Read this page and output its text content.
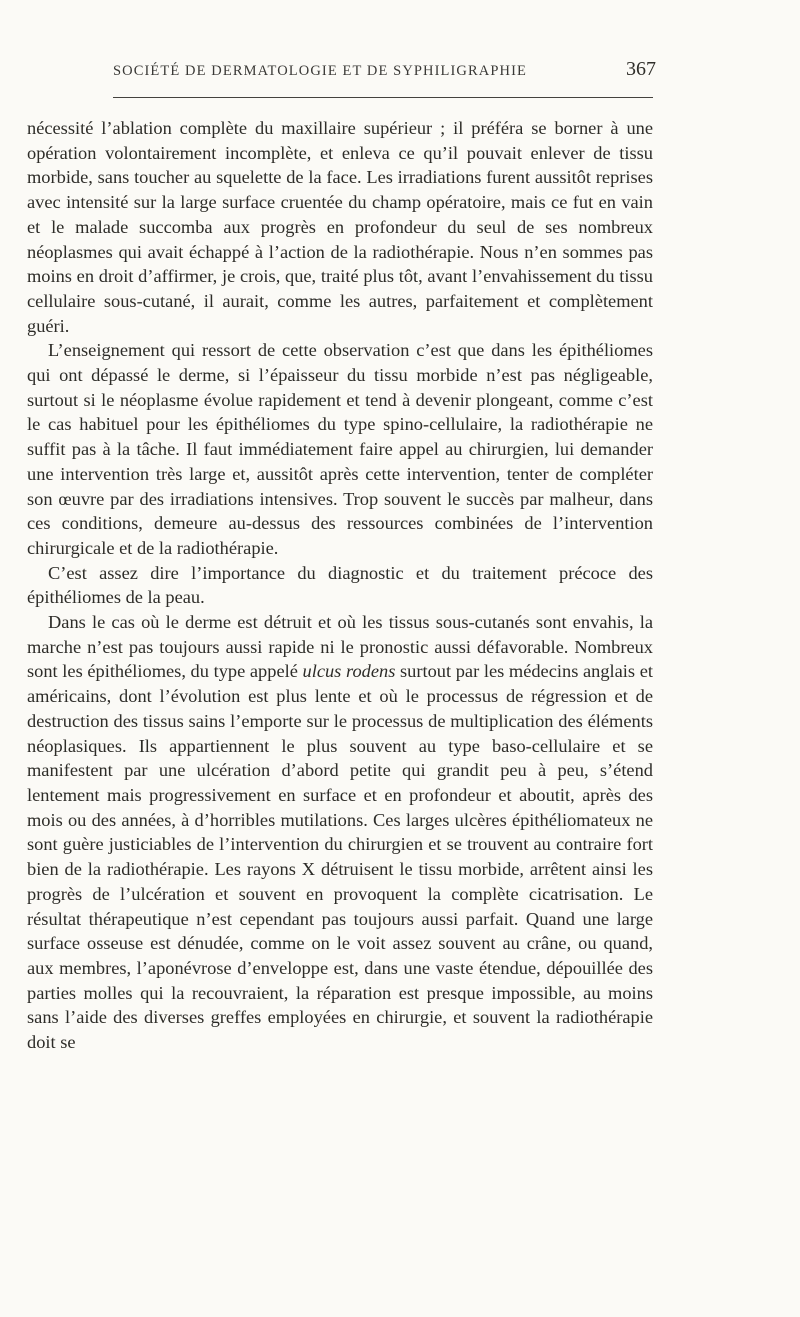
SOCIÉTÉ DE DERMATOLOGIE ET DE SYPHILIGRAPHIE	367

nécessité l’ablation complète du maxillaire supérieur ; il préféra se borner à une opération volontairement incomplète, et enleva ce qu’il pouvait enlever de tissu morbide, sans toucher au squelette de la face. Les irradiations furent aussitôt reprises avec intensité sur la large surface cruentée du champ opératoire, mais ce fut en vain et le malade succomba aux progrès en profondeur du seul de ses nombreux néoplasmes qui avait échappé à l’action de la radiothérapie. Nous n’en sommes pas moins en droit d’affirmer, je crois, que, traité plus tôt, avant l’envahissement du tissu cellulaire sous-cutané, il aurait, comme les autres, parfaitement et complètement guéri.

L’enseignement qui ressort de cette observation c’est que dans les épithéliomes qui ont dépassé le derme, si l’épaisseur du tissu morbide n’est pas négligeable, surtout si le néoplasme évolue rapidement et tend à devenir plongeant, comme c’est le cas habituel pour les épithéliomes du type spino-cellulaire, la radiothérapie ne suffit pas à la tâche. Il faut immédiatement faire appel au chirurgien, lui demander une intervention très large et, aussitôt après cette intervention, tenter de compléter son œuvre par des irradiations intensives. Trop souvent le succès par malheur, dans ces conditions, demeure au-dessus des ressources combinées de l’intervention chirurgicale et de la radiothérapie.

C’est assez dire l’importance du diagnostic et du traitement précoce des épithéliomes de la peau.

Dans le cas où le derme est détruit et où les tissus sous-cutanés sont envahis, la marche n’est pas toujours aussi rapide ni le pronostic aussi défavorable. Nombreux sont les épithéliomes, du type appelé ulcus rodens surtout par les médecins anglais et américains, dont l’évolution est plus lente et où le processus de régression et de destruction des tissus sains l’emporte sur le processus de multiplication des éléments néoplasiques. Ils appartiennent le plus souvent au type baso-cellulaire et se manifestent par une ulcération d’abord petite qui grandit peu à peu, s’étend lentement mais progressivement en surface et en profondeur et aboutit, après des mois ou des années, à d’horribles mutilations. Ces larges ulcères épithéliomateux ne sont guère justiciables de l’intervention du chirurgien et se trouvent au contraire fort bien de la radiothérapie. Les rayons X détruisent le tissu morbide, arrêtent ainsi les progrès de l’ulcération et souvent en provoquent la complète cicatrisation. Le résultat thérapeutique n’est cependant pas toujours aussi parfait. Quand une large surface osseuse est dénudée, comme on le voit assez souvent au crâne, ou quand, aux membres, l’aponévrose d’enveloppe est, dans une vaste étendue, dépouillée des parties molles qui la recouvraient, la réparation est presque impossible, au moins sans l’aide des diverses greffes employées en chirurgie, et souvent la radiothérapie doit se
